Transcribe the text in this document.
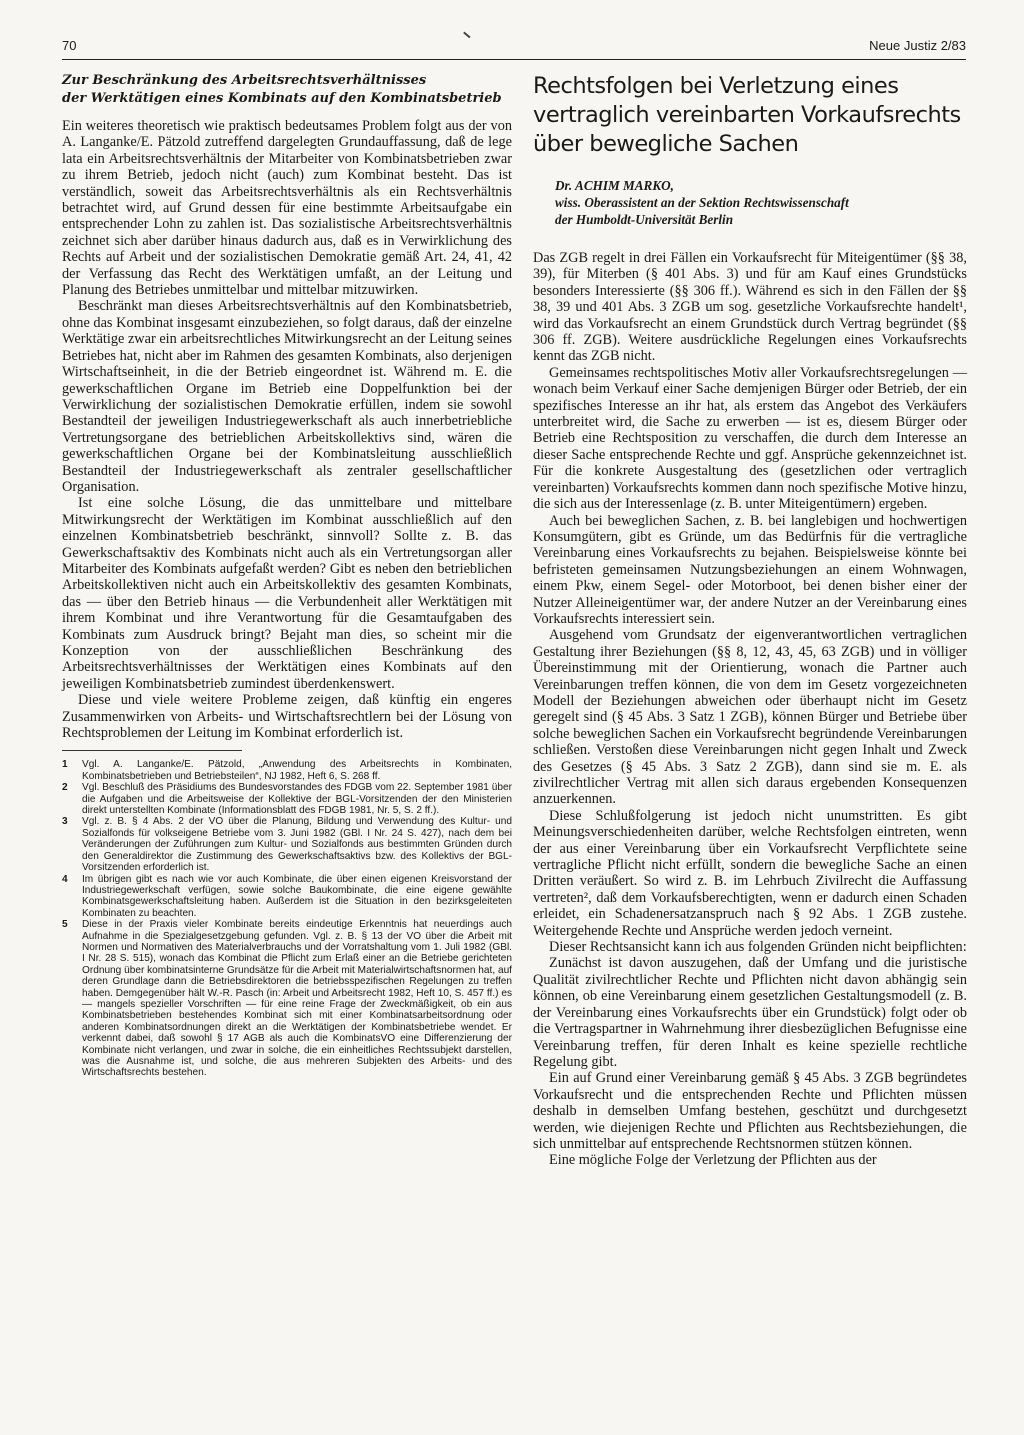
70	Neue Justiz 2/83
Zur Beschränkung des Arbeitsrechtsverhältnisses
der Werktätigen eines Kombinats auf den Kombinatsbetrieb

Ein weiteres theoretisch wie praktisch bedeutsames Problem folgt aus der von A. Langanke/E. Pätzold zutreffend dargelegten Grundauffassung, daß de lege lata ein Arbeitsrechtsverhältnis der Mitarbeiter von Kombinatsbetrieben zwar zu ihrem Betrieb, jedoch nicht (auch) zum Kombinat besteht. Das ist verständlich, soweit das Arbeitsrechtsverhältnis als ein Rechtsverhältnis betrachtet wird, auf Grund dessen für eine bestimmte Arbeitsaufgabe ein entsprechender Lohn zu zahlen ist. Das sozialistische Arbeitsrechtsverhältnis zeichnet sich aber darüber hinaus dadurch aus, daß es in Verwirklichung des Rechts auf Arbeit und der sozialistischen Demokratie gemäß Art. 24, 41, 42 der Verfassung das Recht des Werktätigen umfaßt, an der Leitung und Planung des Betriebes unmittelbar und mittelbar mitzuwirken.

Beschränkt man dieses Arbeitsrechtsverhältnis auf den Kombinatsbetrieb, ohne das Kombinat insgesamt einzubeziehen, so folgt daraus, daß der einzelne Werktätige zwar ein arbeitsrechtliches Mitwirkungsrecht an der Leitung seines Betriebes hat, nicht aber im Rahmen des gesamten Kombinats, also derjenigen Wirtschaftseinheit, in die der Betrieb eingeordnet ist. Während m. E. die gewerkschaftlichen Organe im Betrieb eine Doppelfunktion bei der Verwirklichung der sozialistischen Demokratie erfüllen, indem sie sowohl Bestandteil der jeweiligen Industriegewerkschaft als auch innerbetriebliche Vertretungsorgane des betrieblichen Arbeitskollektivs sind, wären die gewerkschaftlichen Organe bei der Kombinatsleitung ausschließlich Bestandteil der Industriegewerkschaft als zentraler gesellschaftlicher Organisation.

Ist eine solche Lösung, die das unmittelbare und mittelbare Mitwirkungsrecht der Werktätigen im Kombinat ausschließlich auf den einzelnen Kombinatsbetrieb beschränkt, sinnvoll? Sollte z. B. das Gewerkschaftsaktiv des Kombinats nicht auch als ein Vertretungsorgan aller Mitarbeiter des Kombinats aufgefaßt werden? Gibt es neben den betrieblichen Arbeitskollektiven nicht auch ein Arbeitskollektiv des gesamten Kombinats, das — über den Betrieb hinaus — die Verbundenheit aller Werktätigen mit ihrem Kombinat und ihre Verantwortung für die Gesamtaufgaben des Kombinats zum Ausdruck bringt? Bejaht man dies, so scheint mir die Konzeption von der ausschließlichen Beschränkung des Arbeitsrechtsverhältnisses der Werktätigen eines Kombinats auf den jeweiligen Kombinatsbetrieb zumindest überdenkenswert.

Diese und viele weitere Probleme zeigen, daß künftig ein engeres Zusammenwirken von Arbeits- und Wirtschaftsrechtlern bei der Lösung von Rechtsproblemen der Leitung im Kombinat erforderlich ist.

1	Vgl. A. Langanke/E. Pätzold, „Anwendung des Arbeitsrechts in Kombinaten, Kombinatsbetrieben und Betriebsteilen“, NJ 1982, Heft 6, S. 268 ff.
2	Vgl. Beschluß des Präsidiums des Bundesvorstandes des FDGB vom 22. September 1981 über die Aufgaben und die Arbeitsweise der Kollektive der BGL-Vorsitzenden der den Ministerien direkt unterstellten Kombinate (Informationsblatt des FDGB 1981, Nr. 5, S. 2 ff.).
3	Vgl. z. B. § 4 Abs. 2 der VO über die Planung, Bildung und Verwendung des Kultur- und Sozialfonds für volkseigene Betriebe vom 3. Juni 1982 (GBl. I Nr. 24 S. 427), nach dem bei Veränderungen der Zuführungen zum Kultur- und Sozialfonds aus bestimmten Gründen durch den Generaldirektor die Zustimmung des Gewerkschaftsaktivs bzw. des Kollektivs der BGL-Vorsitzenden erforderlich ist.
4	Im übrigen gibt es nach wie vor auch Kombinate, die über einen eigenen Kreisvorstand der Industriegewerkschaft verfügen, sowie solche Baukombinate, die eine eigene gewählte Kombinatsgewerkschaftsleitung haben. Außerdem ist die Situation in den bezirksgeleiteten Kombinaten zu beachten.
5	Diese in der Praxis vieler Kombinate bereits eindeutige Erkenntnis hat neuerdings auch Aufnahme in die Spezialgesetzgebung gefunden. Vgl. z. B. § 13 der VO über die Arbeit mit Normen und Normativen des Materialverbrauchs und der Vorratshaltung vom 1. Juli 1982 (GBl. I Nr. 28 S. 515), wonach das Kombinat die Pflicht zum Erlaß einer an die Betriebe gerichteten Ordnung über kombinatsinterne Grundsätze für die Arbeit mit Materialwirtschaftsnormen hat, auf deren Grundlage dann die Betriebsdirektoren die betriebsspezifischen Regelungen zu treffen haben. Demgegenüber hält W.-R. Pasch (in: Arbeit und Arbeitsrecht 1982, Heft 10, S. 457 ff.) es — mangels spezieller Vorschriften — für eine reine Frage der Zweckmäßigkeit, ob ein aus Kombinatsbetrieben bestehendes Kombinat sich mit einer Kombinatsarbeitsordnung oder anderen Kombinatsordnungen direkt an die Werktätigen der Kombinatsbetriebe wendet. Er verkennt dabei, daß sowohl § 17 AGB als auch die KombinatsVO eine Differenzierung der Kombinate nicht verlangen, und zwar in solche, die ein einheitliches Rechtssubjekt darstellen, was die Ausnahme ist, und solche, die aus mehreren Subjekten des Arbeits- und des Wirtschaftsrechts bestehen.
Rechtsfolgen bei Verletzung eines vertraglich vereinbarten Vorkaufsrechts über bewegliche Sachen
Dr. ACHIM MARKO,
wiss. Oberassistent an der Sektion Rechtswissenschaft
der Humboldt-Universität Berlin

Das ZGB regelt in drei Fällen ein Vorkaufsrecht für Miteigentümer (§§ 38, 39), für Miterben (§ 401 Abs. 3) und für am Kauf eines Grundstücks besonders Interessierte (§§ 306 ff.). Während es sich in den Fällen der §§ 38, 39 und 401 Abs. 3 ZGB um sog. gesetzliche Vorkaufsrechte handelt¹, wird das Vorkaufsrecht an einem Grundstück durch Vertrag begründet (§§ 306 ff. ZGB). Weitere ausdrückliche Regelungen eines Vorkaufsrechts kennt das ZGB nicht.

Gemeinsames rechtspolitisches Motiv aller Vorkaufsrechtsregelungen — wonach beim Verkauf einer Sache demjenigen Bürger oder Betrieb, der ein spezifisches Interesse an ihr hat, als erstem das Angebot des Verkäufers unterbreitet wird, die Sache zu erwerben — ist es, diesem Bürger oder Betrieb eine Rechtsposition zu verschaffen, die durch dem Interesse an dieser Sache entsprechende Rechte und ggf. Ansprüche gekennzeichnet ist. Für die konkrete Ausgestaltung des (gesetzlichen oder vertraglich vereinbarten) Vorkaufsrechts kommen dann noch spezifische Motive hinzu, die sich aus der Interessenlage (z. B. unter Miteigentümern) ergeben.

Auch bei beweglichen Sachen, z. B. bei langlebigen und hochwertigen Konsumgütern, gibt es Gründe, um das Bedürfnis für die vertragliche Vereinbarung eines Vorkaufsrechts zu bejahen. Beispielsweise könnte bei befristeten gemeinsamen Nutzungsbeziehungen an einem Wohnwagen, einem Pkw, einem Segel- oder Motorboot, bei denen bisher einer der Nutzer Alleineigentümer war, der andere Nutzer an der Vereinbarung eines Vorkaufsrechts interessiert sein.

Ausgehend vom Grundsatz der eigenverantwortlichen vertraglichen Gestaltung ihrer Beziehungen (§§ 8, 12, 43, 45, 63 ZGB) und in völliger Übereinstimmung mit der Orientierung, wonach die Partner auch Vereinbarungen treffen können, die von dem im Gesetz vorgezeichneten Modell der Beziehungen abweichen oder überhaupt nicht im Gesetz geregelt sind (§ 45 Abs. 3 Satz 1 ZGB), können Bürger und Betriebe über solche beweglichen Sachen ein Vorkaufsrecht begründende Vereinbarungen schließen. Verstoßen diese Vereinbarungen nicht gegen Inhalt und Zweck des Gesetzes (§ 45 Abs. 3 Satz 2 ZGB), dann sind sie m. E. als zivilrechtlicher Vertrag mit allen sich daraus ergebenden Konsequenzen anzuerkennen.

Diese Schlußfolgerung ist jedoch nicht unumstritten. Es gibt Meinungsverschiedenheiten darüber, welche Rechtsfolgen eintreten, wenn der aus einer Vereinbarung über ein Vorkaufsrecht Verpflichtete seine vertragliche Pflicht nicht erfüllt, sondern die bewegliche Sache an einen Dritten veräußert. So wird z. B. im Lehrbuch Zivilrecht die Auffassung vertreten², daß dem Vorkaufsberechtigten, wenn er dadurch einen Schaden erleidet, ein Schadenersatzanspruch nach § 92 Abs. 1 ZGB zustehe. Weitergehende Rechte und Ansprüche werden jedoch verneint.

Dieser Rechtsansicht kann ich aus folgenden Gründen nicht beipflichten:

Zunächst ist davon auszugehen, daß der Umfang und die juristische Qualität zivilrechtlicher Rechte und Pflichten nicht davon abhängig sein können, ob eine Vereinbarung einem gesetzlichen Gestaltungsmodell (z. B. der Vereinbarung eines Vorkaufsrechts über ein Grundstück) folgt oder ob die Vertragspartner in Wahrnehmung ihrer diesbezüglichen Befugnisse eine Vereinbarung treffen, für deren Inhalt es keine spezielle rechtliche Regelung gibt.

Ein auf Grund einer Vereinbarung gemäß § 45 Abs. 3 ZGB begründetes Vorkaufsrecht und die entsprechenden Rechte und Pflichten müssen deshalb in demselben Umfang bestehen, geschützt und durchgesetzt werden, wie diejenigen Rechte und Pflichten aus Rechtsbeziehungen, die sich unmittelbar auf entsprechende Rechtsnormen stützen können.

Eine mögliche Folge der Verletzung der Pflichten aus der
